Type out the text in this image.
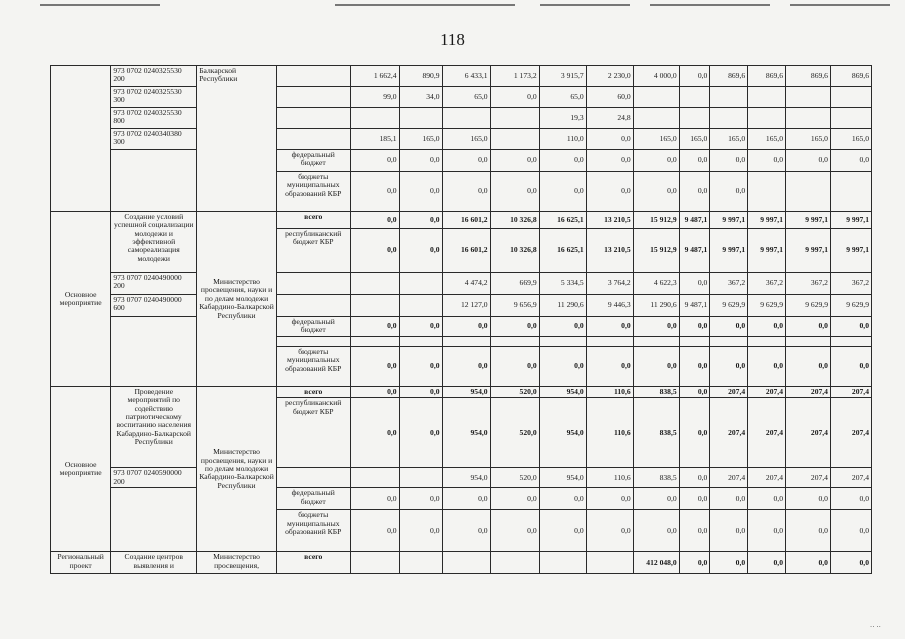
118
	973 0702 0240325530 200	Балкарской Республики		1 662,4	890,9	6 433,1	1 173,2	3 915,7	2 230,0	4 000,0	0,0	869,6	869,6	869,6	869,6
	973 0702 0240325530 300			99,0	34,0	65,0	0,0	65,0	60,0						
	973 0702 0240325530 800							19,3	24,8						
	973 0702 0240340380 300			185,1	165,0	165,0		110,0	0,0	165,0	165,0	165,0	165,0	165,0	165,0
			федеральный бюджет	0,0	0,0	0,0	0,0	0,0	0,0	0,0	0,0	0,0	0,0	0,0	0,0
			бюджеты муниципальных образований КБР	0,0	0,0	0,0	0,0	0,0	0,0	0,0	0,0	0,0			
Основное мероприятие	Создание условий успешной социализации молодежи и эффективной самореализация молодежи	Министерство просвещения, науки и по делам молодежи Кабардино-Балкарской Республики	всего	0,0	0,0	16 601,2	10 326,8	16 625,1	13 210,5	15 912,9	9 487,1	9 997,1	9 997,1	9 997,1	9 997,1
			республиканский бюджет КБР	0,0	0,0	16 601,2	10 326,8	16 625,1	13 210,5	15 912,9	9 487,1	9 997,1	9 997,1	9 997,1	9 997,1
	973 0707 0240490000 200					4 474,2	669,9	5 334,5	3 764,2	4 622,3	0,0	367,2	367,2	367,2	367,2
	973 0707 0240490000 600					12 127,0	9 656,9	11 290,6	9 446,3	11 290,6	9 487,1	9 629,9	9 629,9	9 629,9	9 629,9
			федеральный бюджет	0,0	0,0	0,0	0,0	0,0	0,0	0,0	0,0	0,0	0,0	0,0	0,0

			бюджеты муниципальных образований КБР	0,0	0,0	0,0	0,0	0,0	0,0	0,0	0,0	0,0	0,0	0,0	0,0
Основное мероприятие	Проведение мероприятий по содействию патриотическому воспитанию населения Кабардино-Балкарской Республики	Министерство просвещения, науки и по делам молодежи Кабардино-Балкарской Республики	всего	0,0	0,0	954,0	520,0	954,0	110,6	838,5	0,0	207,4	207,4	207,4	207,4
			республиканский бюджет КБР	0,0	0,0	954,0	520,0	954,0	110,6	838,5	0,0	207,4	207,4	207,4	207,4
	973 0707 0240590000 200					954,0	520,0	954,0	110,6	838,5	0,0	207,4	207,4	207,4	207,4
			федеральный бюджет	0,0	0,0	0,0	0,0	0,0	0,0	0,0	0,0	0,0	0,0	0,0	0,0
			бюджеты муниципальных образований КБР	0,0	0,0	0,0	0,0	0,0	0,0	0,0	0,0	0,0	0,0	0,0	0,0
Региональный проект	Создание центров выявления и	Министерство просвещения,	всего							412 048,0	0,0	0,0	0,0	0,0	0,0
·· ··
